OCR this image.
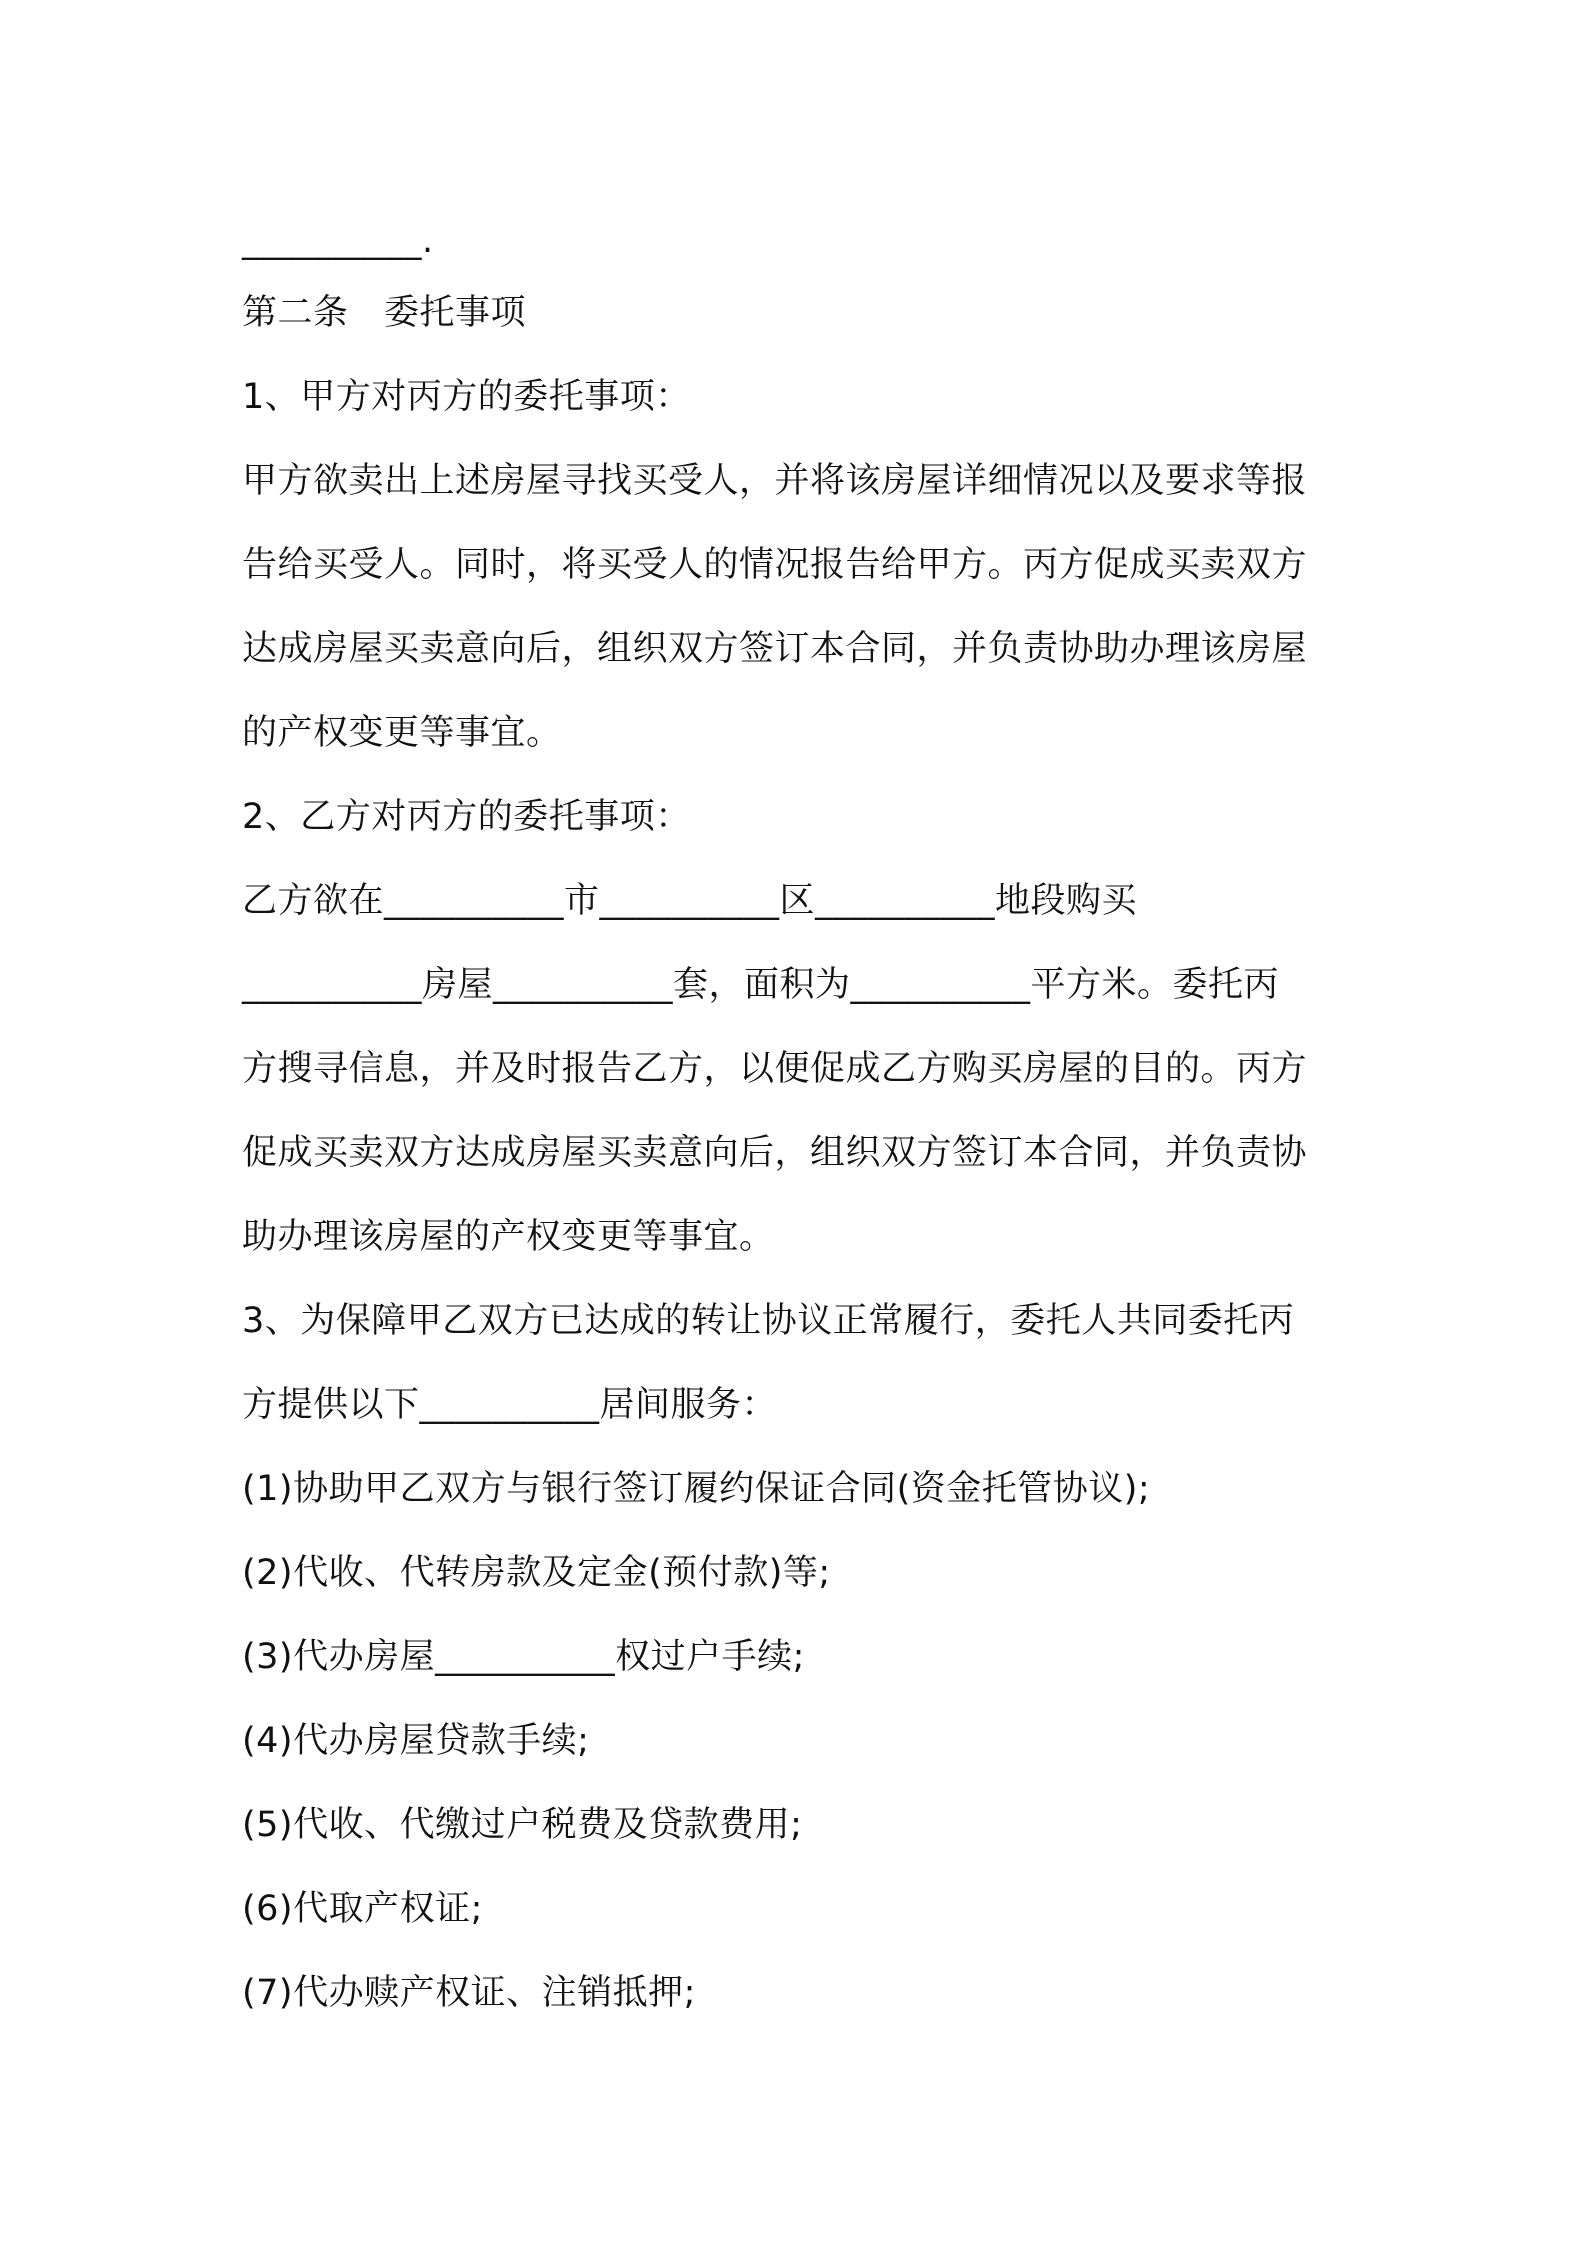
__________.
第二条　委托事项
1、甲方对丙方的委托事项：
甲方欲卖出上述房屋寻找买受人，并将该房屋详细情况以及要求等报
告给买受人。同时，将买受人的情况报告给甲方。丙方促成买卖双方
达成房屋买卖意向后，组织双方签订本合同，并负责协助办理该房屋
的产权变更等事宜。
2、乙方对丙方的委托事项：
乙方欲在__________市__________区__________地段购买
__________房屋__________套，面积为__________平方米。委托丙
方搜寻信息，并及时报告乙方，以便促成乙方购买房屋的目的。丙方
促成买卖双方达成房屋买卖意向后，组织双方签订本合同，并负责协
助办理该房屋的产权变更等事宜。
3、为保障甲乙双方已达成的转让协议正常履行，委托人共同委托丙
方提供以下__________居间服务：
(1)协助甲乙双方与银行签订履约保证合同(资金托管协议);
(2)代收、代转房款及定金(预付款)等;
(3)代办房屋__________权过户手续;
(4)代办房屋贷款手续;
(5)代收、代缴过户税费及贷款费用;
(6)代取产权证;
(7)代办赎产权证、注销抵押;
